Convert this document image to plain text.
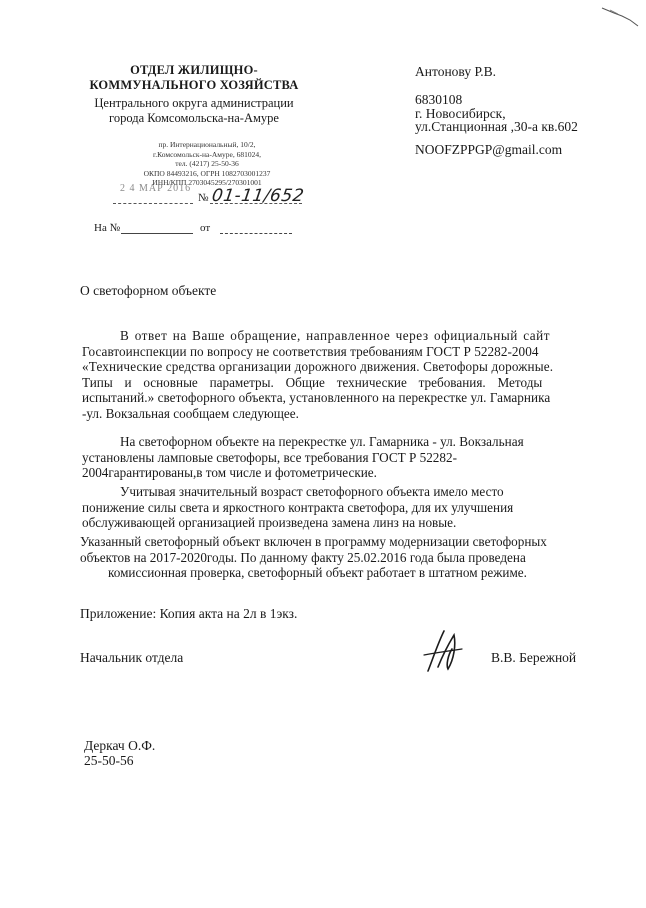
ОТДЕЛ ЖИЛИЩНО-
КОММУНАЛЬНОГО ХОЗЯЙСТВА
Центрального округа администрации
города Комсомольска-на-Амуре
пр. Интернациональный, 10/2,
г.Комсомольск-на-Амуре, 681024,
тел. (4217) 25-50-36
ОКПО 84493216, ОГРН 1082703001237
ИНН/КПП 2703045295/270301001
2 4 МАР 2016
№ 01-11/652
На №	от
Антонову Р.В.
6830108
г. Новосибирск,
ул.Станционная ,30-а кв.602
NOOFZPPGP@gmail.com
О светофорном объекте
В ответ на Ваше обращение, направленное через официальный сайт
Госавтоинспекции по вопросу не соответствия требованиям ГОСТ Р 52282-2004
«Технические средства организации дорожного движения. Светофоры дорожные.
Типы и основные параметры. Общие технические требования. Методы
испытаний.» светофорного объекта, установленного на перекрестке ул. Гамарника
-ул. Вокзальная сообщаем следующее.
На светофорном объекте на перекрестке ул. Гамарника - ул. Вокзальная
установлены ламповые светофоры, все требования ГОСТ Р 52282-
2004гарантированы,в том числе и фотометрические.
Учитывая значительный возраст светофорного объекта имело место
понижение силы света и яркостного контракта светофора, для их улучшения
обслуживающей организацией произведена замена линз на новые.
Указанный светофорный объект включен в программу модернизации светофорных
объектов на 2017-2020годы. По данному факту 25.02.2016 года была проведена
комиссионная проверка, светофорный объект работает в штатном режиме.
Приложение: Копия акта на 2л в 1экз.
Начальник отдела	В.В. Бережной
Деркач О.Ф.
25-50-56
